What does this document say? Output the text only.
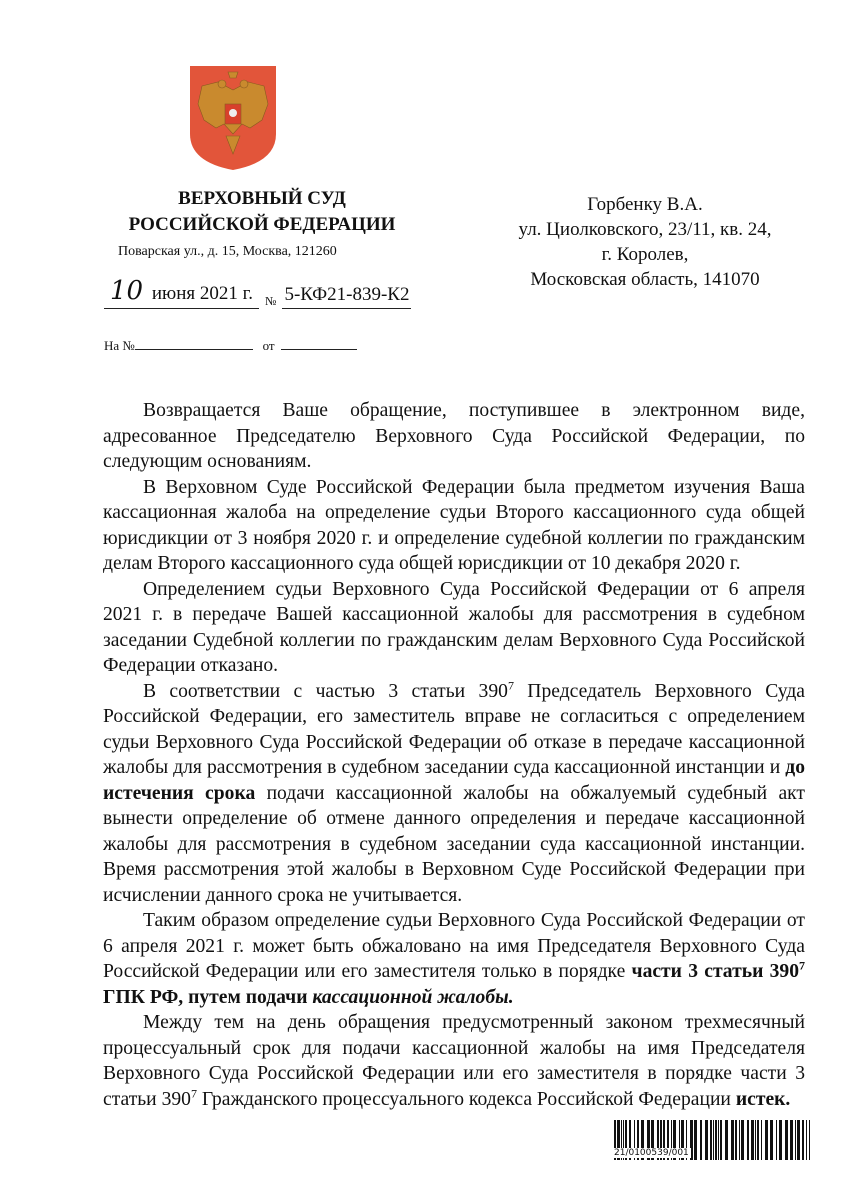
ВЕРХОВНЫЙ СУД
РОССИЙСКОЙ ФЕДЕРАЦИИ
Поварская ул., д. 15, Москва, 121260
10 июня 2021 г.	№ 5-КФ21-839-К2
На №	от
Горбенку В.А.
ул. Циолковского, 23/11, кв. 24,
г. Королев,
Московская область, 141070

Возвращается Ваше обращение, поступившее в электронном виде, адресованное Председателю Верховного Суда Российской Федерации, по следующим основаниям.

В Верховном Суде Российской Федерации была предметом изучения Ваша кассационная жалоба на определение судьи Второго кассационного суда общей юрисдикции от 3 ноября 2020 г. и определение судебной коллегии по гражданским делам Второго кассационного суда общей юрисдикции от 10 декабря 2020 г.

Определением судьи Верховного Суда Российской Федерации от 6 апреля 2021 г. в передаче Вашей кассационной жалобы для рассмотрения в судебном заседании Судебной коллегии по гражданским делам Верховного Суда Российской Федерации отказано.

В соответствии с частью 3 статьи $390^7$ Председатель Верховного Суда Российской Федерации, его заместитель вправе не согласиться с определением судьи Верховного Суда Российской Федерации об отказе в передаче кассационной жалобы для рассмотрения в судебном заседании суда кассационной инстанции и до истечения срока подачи кассационной жалобы на обжалуемый судебный акт вынести определение об отмене данного определения и передаче кассационной жалобы для рассмотрения в судебном заседании суда кассационной инстанции. Время рассмотрения этой жалобы в Верховном Суде Российской Федерации при исчислении данного срока не учитывается.

Таким образом определение судьи Верховного Суда Российской Федерации от 6 апреля 2021 г. может быть обжаловано на имя Председателя Верховного Суда Российской Федерации или его заместителя только в порядке части 3 статьи $390^7$ ГПК РФ, путем подачи кассационной жалобы.

Между тем на день обращения предусмотренный законом трехмесячный процессуальный срок для подачи кассационной жалобы на имя Председателя Верховного Суда Российской Федерации или его заместителя в порядке части 3 статьи $390^7$ Гражданского процессуального кодекса Российской Федерации истек.

21/0100539/001
